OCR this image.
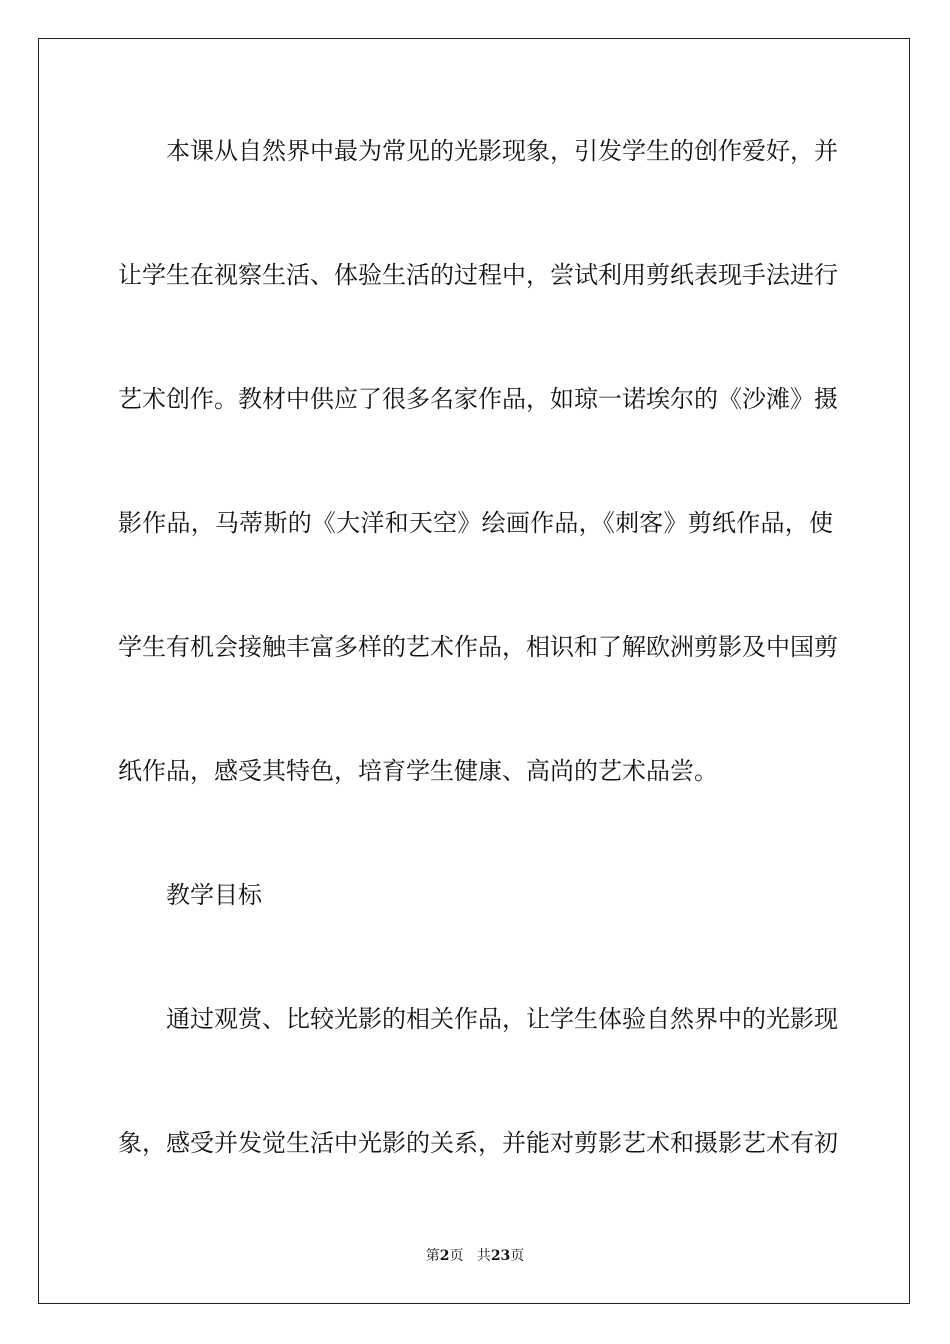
本课从自然界中最为常见的光影现象，引发学生的创作爱好，并
让学生在视察生活、体验生活的过程中，尝试利用剪纸表现手法进行
艺术创作。教材中供应了很多名家作品，如琼一诺埃尔的《沙滩》摄
影作品，马蒂斯的《大洋和天空》绘画作品，《刺客》剪纸作品，使
学生有机会接触丰富多样的艺术作品，相识和了解欧洲剪影及中国剪
纸作品，感受其特色，培育学生健康、高尚的艺术品尝。
教学目标
通过观赏、比较光影的相关作品，让学生体验自然界中的光影现
象，感受并发觉生活中光影的关系，并能对剪影艺术和摄影艺术有初
第2页 共23页
